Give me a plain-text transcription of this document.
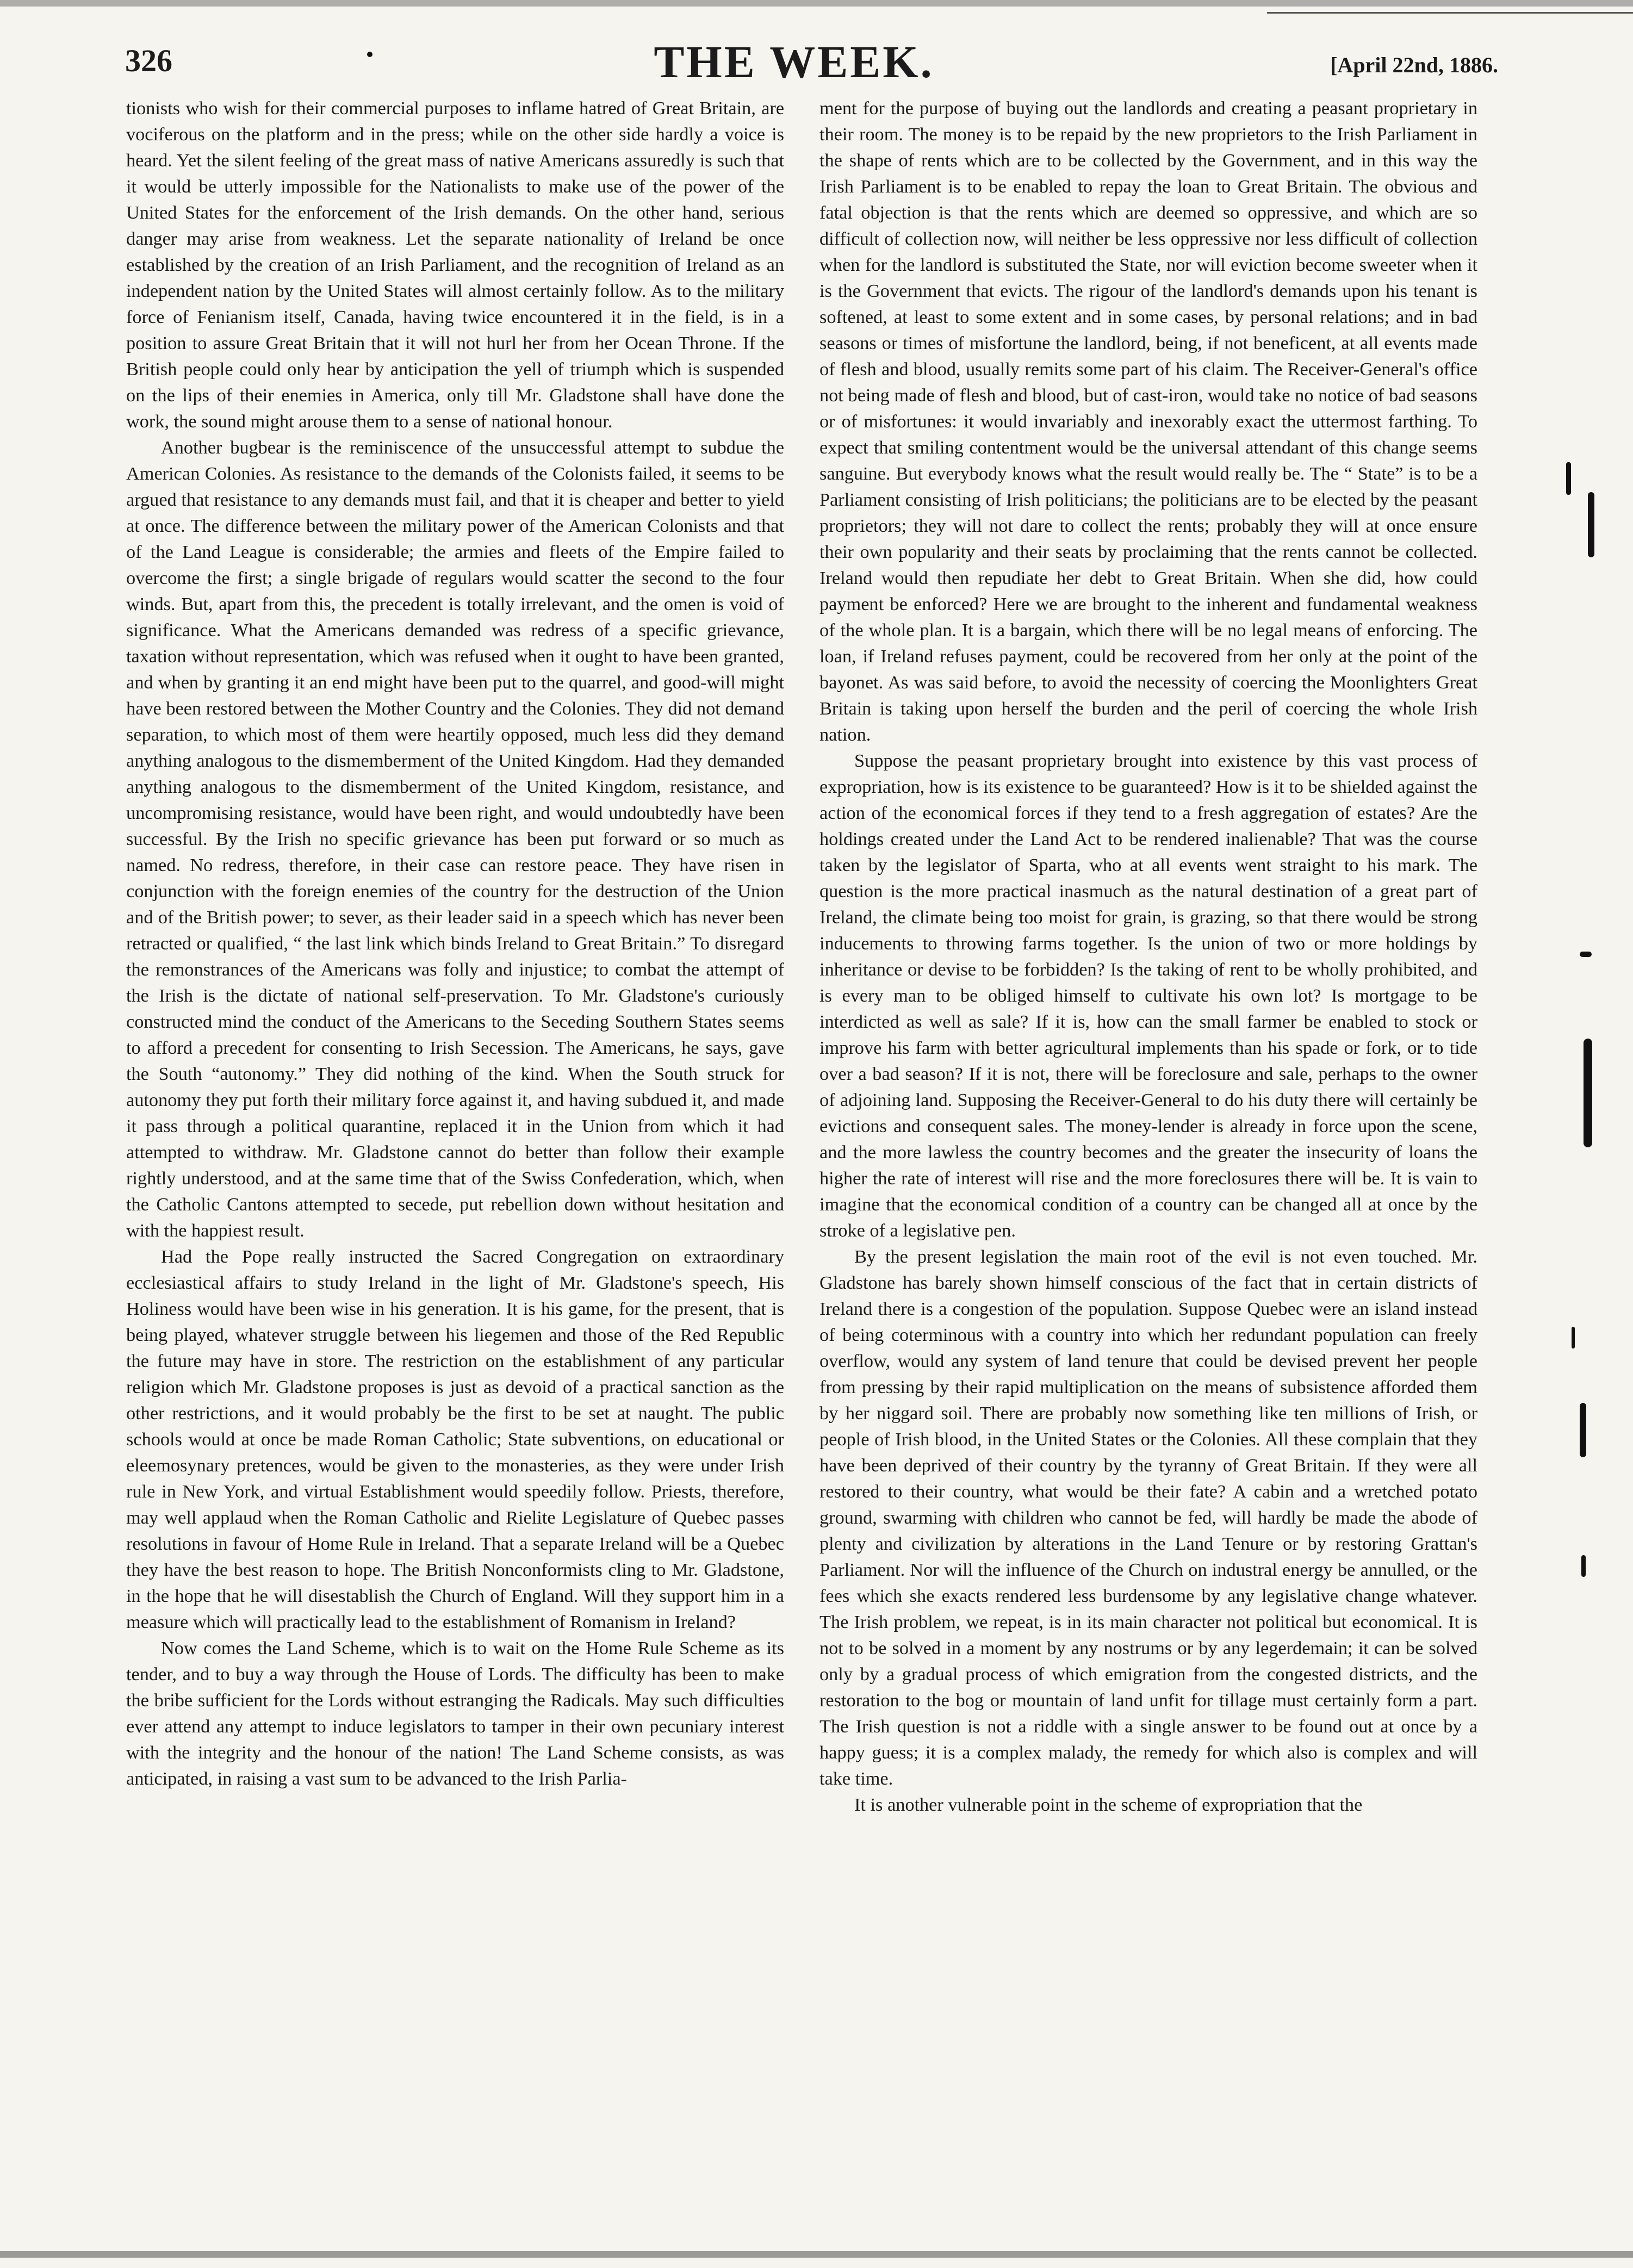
326	THE WEEK.	[April 22nd, 1886.

tionists who wish for their commercial purposes to inflame hatred of Great Britain, are vociferous on the platform and in the press; while on the other side hardly a voice is heard. Yet the silent feeling of the great mass of native Americans assuredly is such that it would be utterly impossible for the Nationalists to make use of the power of the United States for the enforcement of the Irish demands. On the other hand, serious danger may arise from weakness. Let the separate nationality of Ireland be once established by the creation of an Irish Parliament, and the recognition of Ireland as an independent nation by the United States will almost certainly follow. As to the military force of Fenianism itself, Canada, having twice encountered it in the field, is in a position to assure Great Britain that it will not hurl her from her Ocean Throne. If the British people could only hear by anticipation the yell of triumph which is suspended on the lips of their enemies in America, only till Mr. Gladstone shall have done the work, the sound might arouse them to a sense of national honour.

Another bugbear is the reminiscence of the unsuccessful attempt to subdue the American Colonies. As resistance to the demands of the Colonists failed, it seems to be argued that resistance to any demands must fail, and that it is cheaper and better to yield at once. The difference between the military power of the American Colonists and that of the Land League is considerable; the armies and fleets of the Empire failed to overcome the first; a single brigade of regulars would scatter the second to the four winds. But, apart from this, the precedent is totally irrelevant, and the omen is void of significance. What the Americans demanded was redress of a specific grievance, taxation without representation, which was refused when it ought to have been granted, and when by granting it an end might have been put to the quarrel, and good-will might have been restored between the Mother Country and the Colonies. They did not demand separation, to which most of them were heartily opposed, much less did they demand anything analogous to the dismemberment of the United Kingdom. Had they demanded anything analogous to the dismemberment of the United Kingdom, resistance, and uncompromising resistance, would have been right, and would undoubtedly have been successful. By the Irish no specific grievance has been put forward or so much as named. No redress, therefore, in their case can restore peace. They have risen in conjunction with the foreign enemies of the country for the destruction of the Union and of the British power; to sever, as their leader said in a speech which has never been retracted or qualified, “ the last link which binds Ireland to Great Britain.” To disregard the remonstrances of the Americans was folly and injustice; to combat the attempt of the Irish is the dictate of national self-preservation. To Mr. Gladstone's curiously constructed mind the conduct of the Americans to the Seceding Southern States seems to afford a precedent for consenting to Irish Secession. The Americans, he says, gave the South “autonomy.” They did nothing of the kind. When the South struck for autonomy they put forth their military force against it, and having subdued it, and made it pass through a political quarantine, replaced it in the Union from which it had attempted to withdraw. Mr. Gladstone cannot do better than follow their example rightly understood, and at the same time that of the Swiss Confederation, which, when the Catholic Cantons attempted to secede, put rebellion down without hesitation and with the happiest result.

Had the Pope really instructed the Sacred Congregation on extraordinary ecclesiastical affairs to study Ireland in the light of Mr. Gladstone's speech, His Holiness would have been wise in his generation. It is his game, for the present, that is being played, whatever struggle between his liegemen and those of the Red Republic the future may have in store. The restriction on the establishment of any particular religion which Mr. Gladstone proposes is just as devoid of a practical sanction as the other restrictions, and it would probably be the first to be set at naught. The public schools would at once be made Roman Catholic; State subventions, on educational or eleemosynary pretences, would be given to the monasteries, as they were under Irish rule in New York, and virtual Establishment would speedily follow. Priests, therefore, may well applaud when the Roman Catholic and Rielite Legislature of Quebec passes resolutions in favour of Home Rule in Ireland. That a separate Ireland will be a Quebec they have the best reason to hope. The British Nonconformists cling to Mr. Gladstone, in the hope that he will disestablish the Church of England. Will they support him in a measure which will practically lead to the establishment of Romanism in Ireland?

Now comes the Land Scheme, which is to wait on the Home Rule Scheme as its tender, and to buy a way through the House of Lords. The difficulty has been to make the bribe sufficient for the Lords without estranging the Radicals. May such difficulties ever attend any attempt to induce legislators to tamper in their own pecuniary interest with the integrity and the honour of the nation! The Land Scheme consists, as was anticipated, in raising a vast sum to be advanced to the Irish Parlia-

ment for the purpose of buying out the landlords and creating a peasant proprietary in their room. The money is to be repaid by the new proprietors to the Irish Parliament in the shape of rents which are to be collected by the Government, and in this way the Irish Parliament is to be enabled to repay the loan to Great Britain. The obvious and fatal objection is that the rents which are deemed so oppressive, and which are so difficult of collection now, will neither be less oppressive nor less difficult of collection when for the landlord is substituted the State, nor will eviction become sweeter when it is the Government that evicts. The rigour of the landlord's demands upon his tenant is softened, at least to some extent and in some cases, by personal relations; and in bad seasons or times of misfortune the landlord, being, if not beneficent, at all events made of flesh and blood, usually remits some part of his claim. The Receiver-General's office not being made of flesh and blood, but of cast-iron, would take no notice of bad seasons or of misfortunes: it would invariably and inexorably exact the uttermost farthing. To expect that smiling contentment would be the universal attendant of this change seems sanguine. But everybody knows what the result would really be. The “ State” is to be a Parliament consisting of Irish politicians; the politicians are to be elected by the peasant proprietors; they will not dare to collect the rents; probably they will at once ensure their own popularity and their seats by proclaiming that the rents cannot be collected. Ireland would then repudiate her debt to Great Britain. When she did, how could payment be enforced? Here we are brought to the inherent and fundamental weakness of the whole plan. It is a bargain, which there will be no legal means of enforcing. The loan, if Ireland refuses payment, could be recovered from her only at the point of the bayonet. As was said before, to avoid the necessity of coercing the Moonlighters Great Britain is taking upon herself the burden and the peril of coercing the whole Irish nation.

Suppose the peasant proprietary brought into existence by this vast process of expropriation, how is its existence to be guaranteed? How is it to be shielded against the action of the economical forces if they tend to a fresh aggregation of estates? Are the holdings created under the Land Act to be rendered inalienable? That was the course taken by the legislator of Sparta, who at all events went straight to his mark. The question is the more practical inasmuch as the natural destination of a great part of Ireland, the climate being too moist for grain, is grazing, so that there would be strong inducements to throwing farms together. Is the union of two or more holdings by inheritance or devise to be forbidden? Is the taking of rent to be wholly prohibited, and is every man to be obliged himself to cultivate his own lot? Is mortgage to be interdicted as well as sale? If it is, how can the small farmer be enabled to stock or improve his farm with better agricultural implements than his spade or fork, or to tide over a bad season? If it is not, there will be foreclosure and sale, perhaps to the owner of adjoining land. Supposing the Receiver-General to do his duty there will certainly be evictions and consequent sales. The money-lender is already in force upon the scene, and the more lawless the country becomes and the greater the insecurity of loans the higher the rate of interest will rise and the more foreclosures there will be. It is vain to imagine that the economical condition of a country can be changed all at once by the stroke of a legislative pen.

By the present legislation the main root of the evil is not even touched. Mr. Gladstone has barely shown himself conscious of the fact that in certain districts of Ireland there is a congestion of the population. Suppose Quebec were an island instead of being coterminous with a country into which her redundant population can freely overflow, would any system of land tenure that could be devised prevent her people from pressing by their rapid multiplication on the means of subsistence afforded them by her niggard soil. There are probably now something like ten millions of Irish, or people of Irish blood, in the United States or the Colonies. All these complain that they have been deprived of their country by the tyranny of Great Britain. If they were all restored to their country, what would be their fate? A cabin and a wretched potato ground, swarming with children who cannot be fed, will hardly be made the abode of plenty and civilization by alterations in the Land Tenure or by restoring Grattan's Parliament. Nor will the influence of the Church on industral energy be annulled, or the fees which she exacts rendered less burdensome by any legislative change whatever. The Irish problem, we repeat, is in its main character not political but economical. It is not to be solved in a moment by any nostrums or by any legerdemain; it can be solved only by a gradual process of which emigration from the congested districts, and the restoration to the bog or mountain of land unfit for tillage must certainly form a part. The Irish question is not a riddle with a single answer to be found out at once by a happy guess; it is a complex malady, the remedy for which also is complex and will take time.

It is another vulnerable point in the scheme of expropriation that the
